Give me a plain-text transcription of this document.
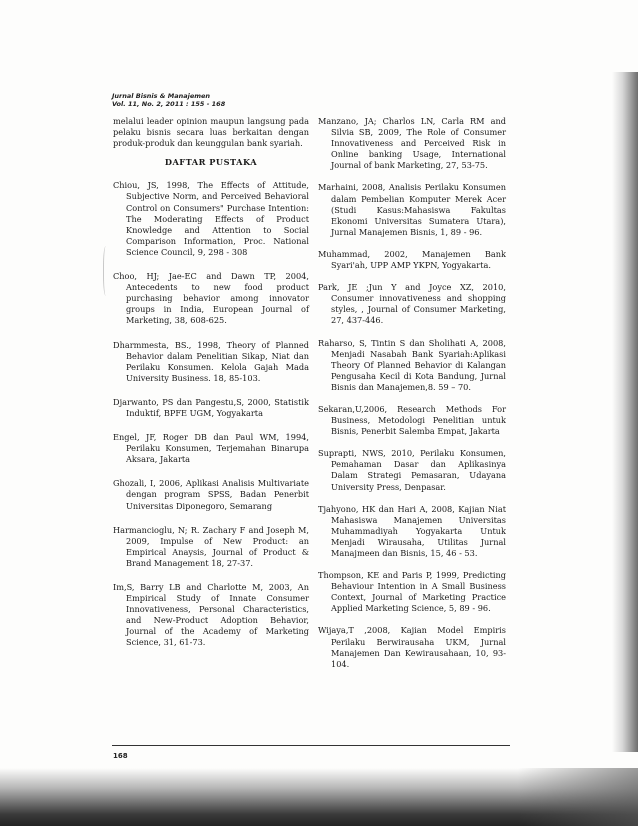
Jurnal Bisnis & Manajemen
Vol. 11, No. 2, 2011 : 155 - 168

melalui leader opinion maupun langsung pada pelaku bisnis secara luas berkaitan dengan produk-produk dan keunggulan bank syariah.

DAFTAR PUSTAKA

Chiou, JS, 1998, The Effects of Attitude, Subjective Norm, and Perceived Behavioral Control on Consumers" Purchase Intention: The Moderating Effects of Product Knowledge and Attention to Social Comparison Information, Proc. National Science Council, 9, 298 - 308

Choo, HJ; Jae-EC and Dawn TP, 2004, Antecedents to new food product purchasing behavior among innovator groups in India, European Journal of Marketing, 38, 608-625.

Dharmmesta, BS., 1998, Theory of Planned Behavior dalam Penelitian Sikap, Niat dan Perilaku Konsumen. Kelola Gajah Mada University Business. 18, 85-103.

Djarwanto, PS dan Pangestu,S, 2000, Statistik Induktif, BPFE UGM, Yogyakarta

Engel, JF, Roger DB dan Paul WM, 1994, Perilaku Konsumen, Terjemahan Binarupa Aksara, Jakarta

Ghozali, I, 2006, Aplikasi Analisis Multivariate dengan program SPSS, Badan Penerbit Universitas Diponegoro, Semarang

Harmancioglu, N; R. Zachary F and Joseph M, 2009, Impulse of New Product: an Empirical Anaysis, Journal of Product & Brand Management 18, 27-37.

Im,S, Barry LB and Charlotte M, 2003, An Empirical Study of Innate Consumer Innovativeness, Personal Characteristics, and New-Product Adoption Behavior, Journal of the Academy of Marketing Science, 31, 61-73.

Manzano, JA; Charlos LN, Carla RM and Silvia SB, 2009, The Role of Consumer Innovativeness and Perceived Risk in Online banking Usage, International Journal of bank Marketing, 27, 53-75.

Marhaini, 2008, Analisis Perilaku Konsumen dalam Pembelian Komputer Merek Acer (Studi Kasus:Mahasiswa Fakultas Ekonomi Universitas Sumatera Utara), Jurnal Manajemen Bisnis, 1, 89 - 96.

Muhammad, 2002, Manajemen Bank Syari'ah, UPP AMP YKPN, Yogyakarta.

Park, JE ;Jun Y and Joyce XZ, 2010, Consumer innovativeness and shopping styles, , Journal of Consumer Marketing, 27, 437-446.

Raharso, S, Tintin S dan Sholihati A, 2008, Menjadi Nasabah Bank Syariah:Aplikasi Theory Of Planned Behavior di Kalangan Pengusaha Kecil di Kota Bandung, Jurnal Bisnis dan Manajemen,8. 59 – 70.

Sekaran,U,2006, Research Methods For Business, Metodologi Penelitian untuk Bisnis, Penerbit Salemba Empat, Jakarta

Suprapti, NWS, 2010, Perilaku Konsumen, Pemahaman Dasar dan Aplikasinya Dalam Strategi Pemasaran, Udayana University Press, Denpasar.

Tjahyono, HK dan Hari A, 2008, Kajian Niat Mahasiswa Manajemen Universitas Muhammadiyah Yogyakarta Untuk Menjadi Wirausaha, Utilitas Jurnal Manajmeen dan Bisnis, 15, 46 - 53.

Thompson, KE and Paris P, 1999, Predicting Behaviour Intention in A Small Business Context, Journal of Marketing Practice Applied Marketing Science, 5, 89 - 96.

Wijaya,T ,2008, Kajian Model Empiris Perilaku Berwirausaha UKM, Jurnal Manajemen Dan Kewirausahaan, 10, 93-104.

168
